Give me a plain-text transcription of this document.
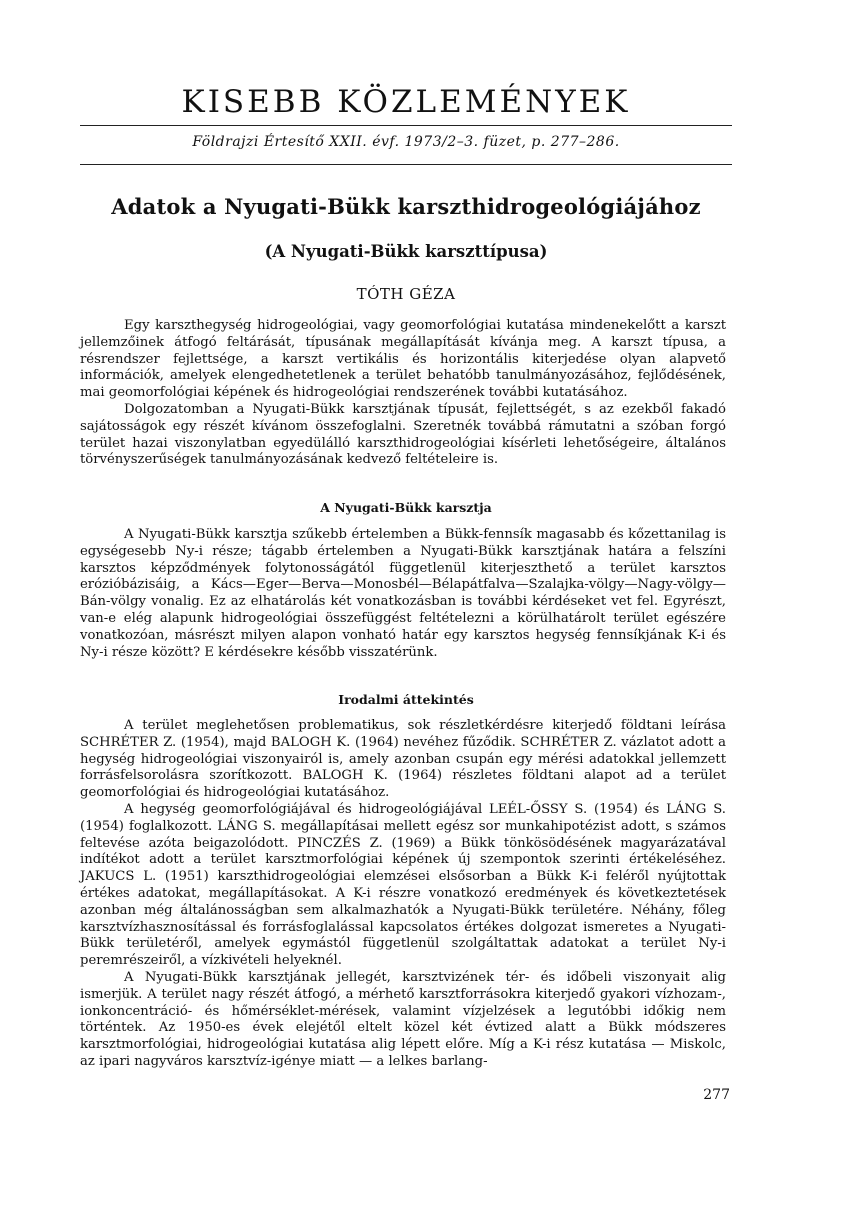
KISEBB KÖZLEMÉNYEK
Földrajzi Értesítő XXII. évf. 1973/2–3. füzet, p. 277–286.
Adatok a Nyugati-Bükk karszthidrogeológiájához
(A Nyugati-Bükk karszttípusa)
TÓTH GÉZA

Egy karszthegység hidrogeológiai, vagy geomorfológiai kutatása mindenekelőtt a karszt jellemzőinek átfogó feltárását, típusának megállapítását kívánja meg. A karszt típusa, a résrendszer fejlettsége, a karszt vertikális és horizontális kiterjedése olyan alapvető információk, amelyek elengedhetetlenek a terület behatóbb tanulmányozásához, fejlődésének, mai geomorfológiai képének és hidrogeológiai rendszerének további kutatásához.

Dolgozatomban a Nyugati-Bükk karsztjának típusát, fejlettségét, s az ezekből fakadó sajátosságok egy részét kívánom összefoglalni. Szeretnék továbbá rámutatni a szóban forgó terület hazai viszonylatban egyedülálló karszthidrogeológiai kísérleti lehetőségeire, általános törvényszerűségek tanulmányozásának kedvező feltételeire is.

A Nyugati-Bükk karsztja

A Nyugati-Bükk karsztja szűkebb értelemben a Bükk-fennsík magasabb és kőzettanilag is egységesebb Ny-i része; tágabb értelemben a Nyugati-Bükk karsztjának határa a felszíni karsztos képződmények folytonosságától függetlenül kiterjeszthető a terület karsztos erózióbázisáig, a Kács—Eger—Berva—Monosbél—Bélapátfalva—Szalajka-völgy—Nagy-völgy—Bán-völgy vonalig. Ez az elhatárolás két vonatkozásban is további kérdéseket vet fel. Egyrészt, van-e elég alapunk hidrogeológiai összefüggést feltételezni a körülhatárolt terület egészére vonatkozóan, másrészt milyen alapon vonható határ egy karsztos hegység fennsíkjának K-i és Ny-i része között? E kérdésekre később visszatérünk.

Irodalmi áttekintés

A terület meglehetősen problematikus, sok részletkérdésre kiterjedő földtani leírása SCHRÉTER Z. (1954), majd BALOGH K. (1964) nevéhez fűződik. SCHRÉTER Z. vázlatot adott a hegység hidrogeológiai viszonyairól is, amely azonban csupán egy mérési adatokkal jellemzett forrásfelsorolásra szorítkozott. BALOGH K. (1964) részletes földtani alapot ad a terület geomorfológiai és hidrogeológiai kutatásához.

A hegység geomorfológiájával és hidrogeológiájával LEÉL-ŐSSY S. (1954) és LÁNG S. (1954) foglalkozott. LÁNG S. megállapításai mellett egész sor munkahipotézist adott, s számos feltevése azóta beigazolódott. PINCZÉS Z. (1969) a Bükk tönkösödésének magyarázatával indítékot adott a terület karsztmorfológiai képének új szempontok szerinti értékeléséhez. JAKUCS L. (1951) karszthidrogeológiai elemzései elsősorban a Bükk K-i feléről nyújtottak értékes adatokat, megállapításokat. A K-i részre vonatkozó eredmények és következtetések azonban még általánosságban sem alkalmazhatók a Nyugati-Bükk területére. Néhány, főleg karsztvízhasznosítással és forrásfoglalással kapcsolatos értékes dolgozat ismeretes a Nyugati-Bükk területéről, amelyek egymástól függetlenül szolgáltattak adatokat a terület Ny-i peremrészeiről, a vízkivételi helyeknél.

A Nyugati-Bükk karsztjának jellegét, karsztvizének tér- és időbeli viszonyait alig ismerjük. A terület nagy részét átfogó, a mérhető karsztforrásokra kiterjedő gyakori vízhozam-, ionkoncentráció- és hőmérséklet-mérések, valamint vízjelzések a legutóbbi időkig nem történtek. Az 1950-es évek elejétől eltelt közel két évtized alatt a Bükk módszeres karsztmorfológiai, hidrogeológiai kutatása alig lépett előre. Míg a K-i rész kutatása — Miskolc, az ipari nagyváros karsztvíz-igénye miatt — a lelkes barlang-

277
